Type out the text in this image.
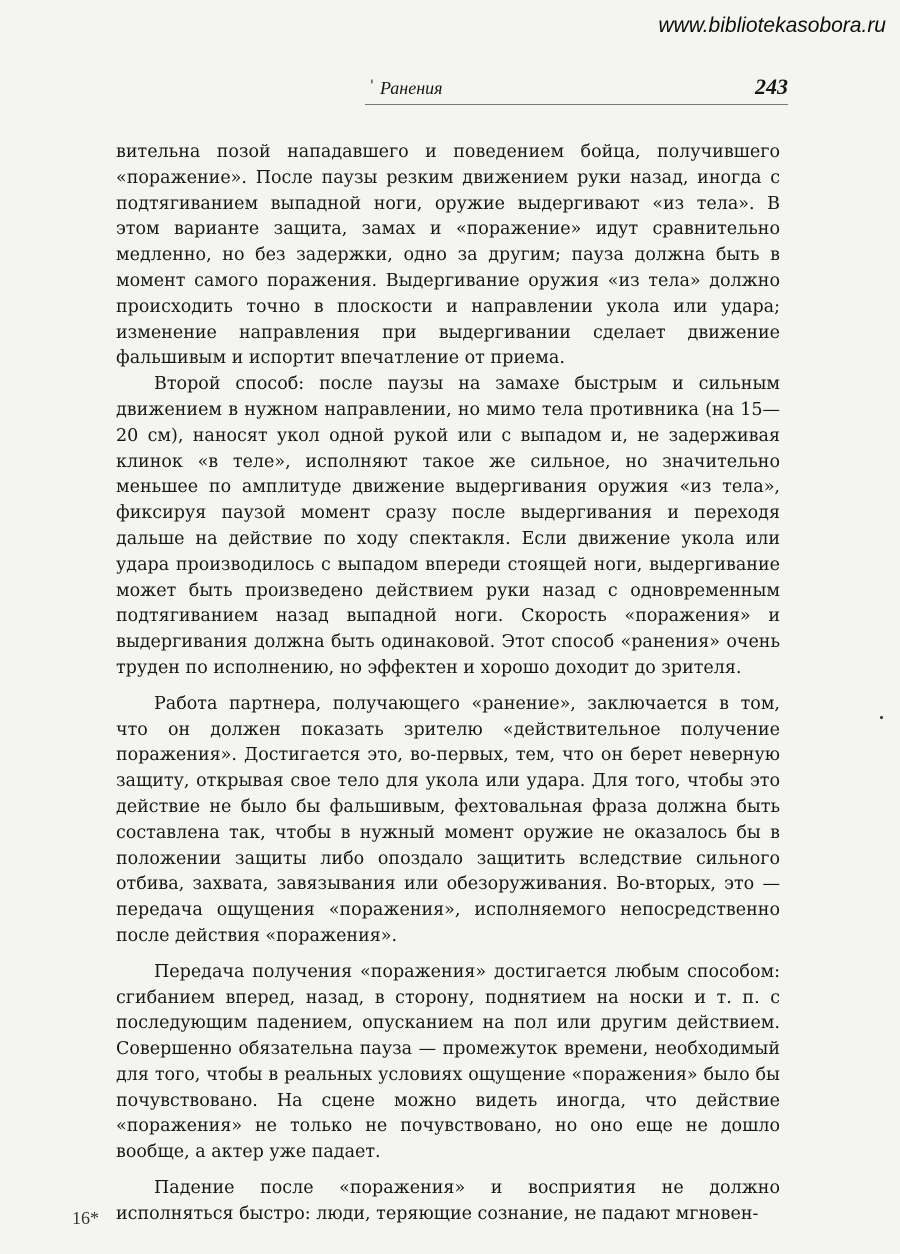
www.bibliotekasobora.ru
' Ранения	243

вительна позой нападавшего и поведением бойца, получившего «поражение». После паузы резким движением руки назад, иногда с подтягиванием выпадной ноги, оружие выдергивают «из тела». В этом варианте защита, замах и «поражение» идут сравнительно медленно, но без задержки, одно за другим; пауза должна быть в момент самого поражения. Выдергивание оружия «из тела» должно происходить точно в плоскости и направлении укола или удара; изменение направления при выдергивании сделает движение фальшивым и испортит впечатление от приема.

Второй способ: после паузы на замахе быстрым и сильным движением в нужном направлении, но мимо тела противника (на 15—20 см), наносят укол одной рукой или с выпадом и, не задерживая клинок «в теле», исполняют такое же сильное, но значительно меньшее по амплитуде движение выдергивания оружия «из тела», фиксируя паузой момент сразу после выдергивания и переходя дальше на действие по ходу спектакля. Если движение укола или удара производилось с выпадом впереди стоящей ноги, выдергивание может быть произведено действием руки назад с одновременным подтягиванием назад выпадной ноги. Скорость «поражения» и выдергивания должна быть одинаковой. Этот способ «ранения» очень труден по исполнению, но эффектен и хорошо доходит до зрителя.

Работа партнера, получающего «ранение», заключается в том, что он должен показать зрителю «действительное получение поражения». Достигается это, во-первых, тем, что он берет неверную защиту, открывая свое тело для укола или удара. Для того, чтобы это действие не было бы фальшивым, фехтовальная фраза должна быть составлена так, чтобы в нужный момент оружие не оказалось бы в положении защиты либо опоздало защитить вследствие сильного отбива, захвата, завязывания или обезоруживания. Во-вторых, это — передача ощущения «поражения», исполняемого непосредственно после действия «поражения».

Передача получения «поражения» достигается любым способом: сгибанием вперед, назад, в сторону, поднятием на носки и т. п. с последующим падением, опусканием на пол или другим действием. Совершенно обязательна пауза — промежуток времени, необходимый для того, чтобы в реальных условиях ощущение «поражения» было бы почувствовано. На сцене можно видеть иногда, что действие «поражения» не только не почувствовано, но оно еще не дошло вообще, а актер уже падает.

Падение после «поражения» и восприятия не должно исполняться быстро: люди, теряющие сознание, не падают мгновен-

16*
